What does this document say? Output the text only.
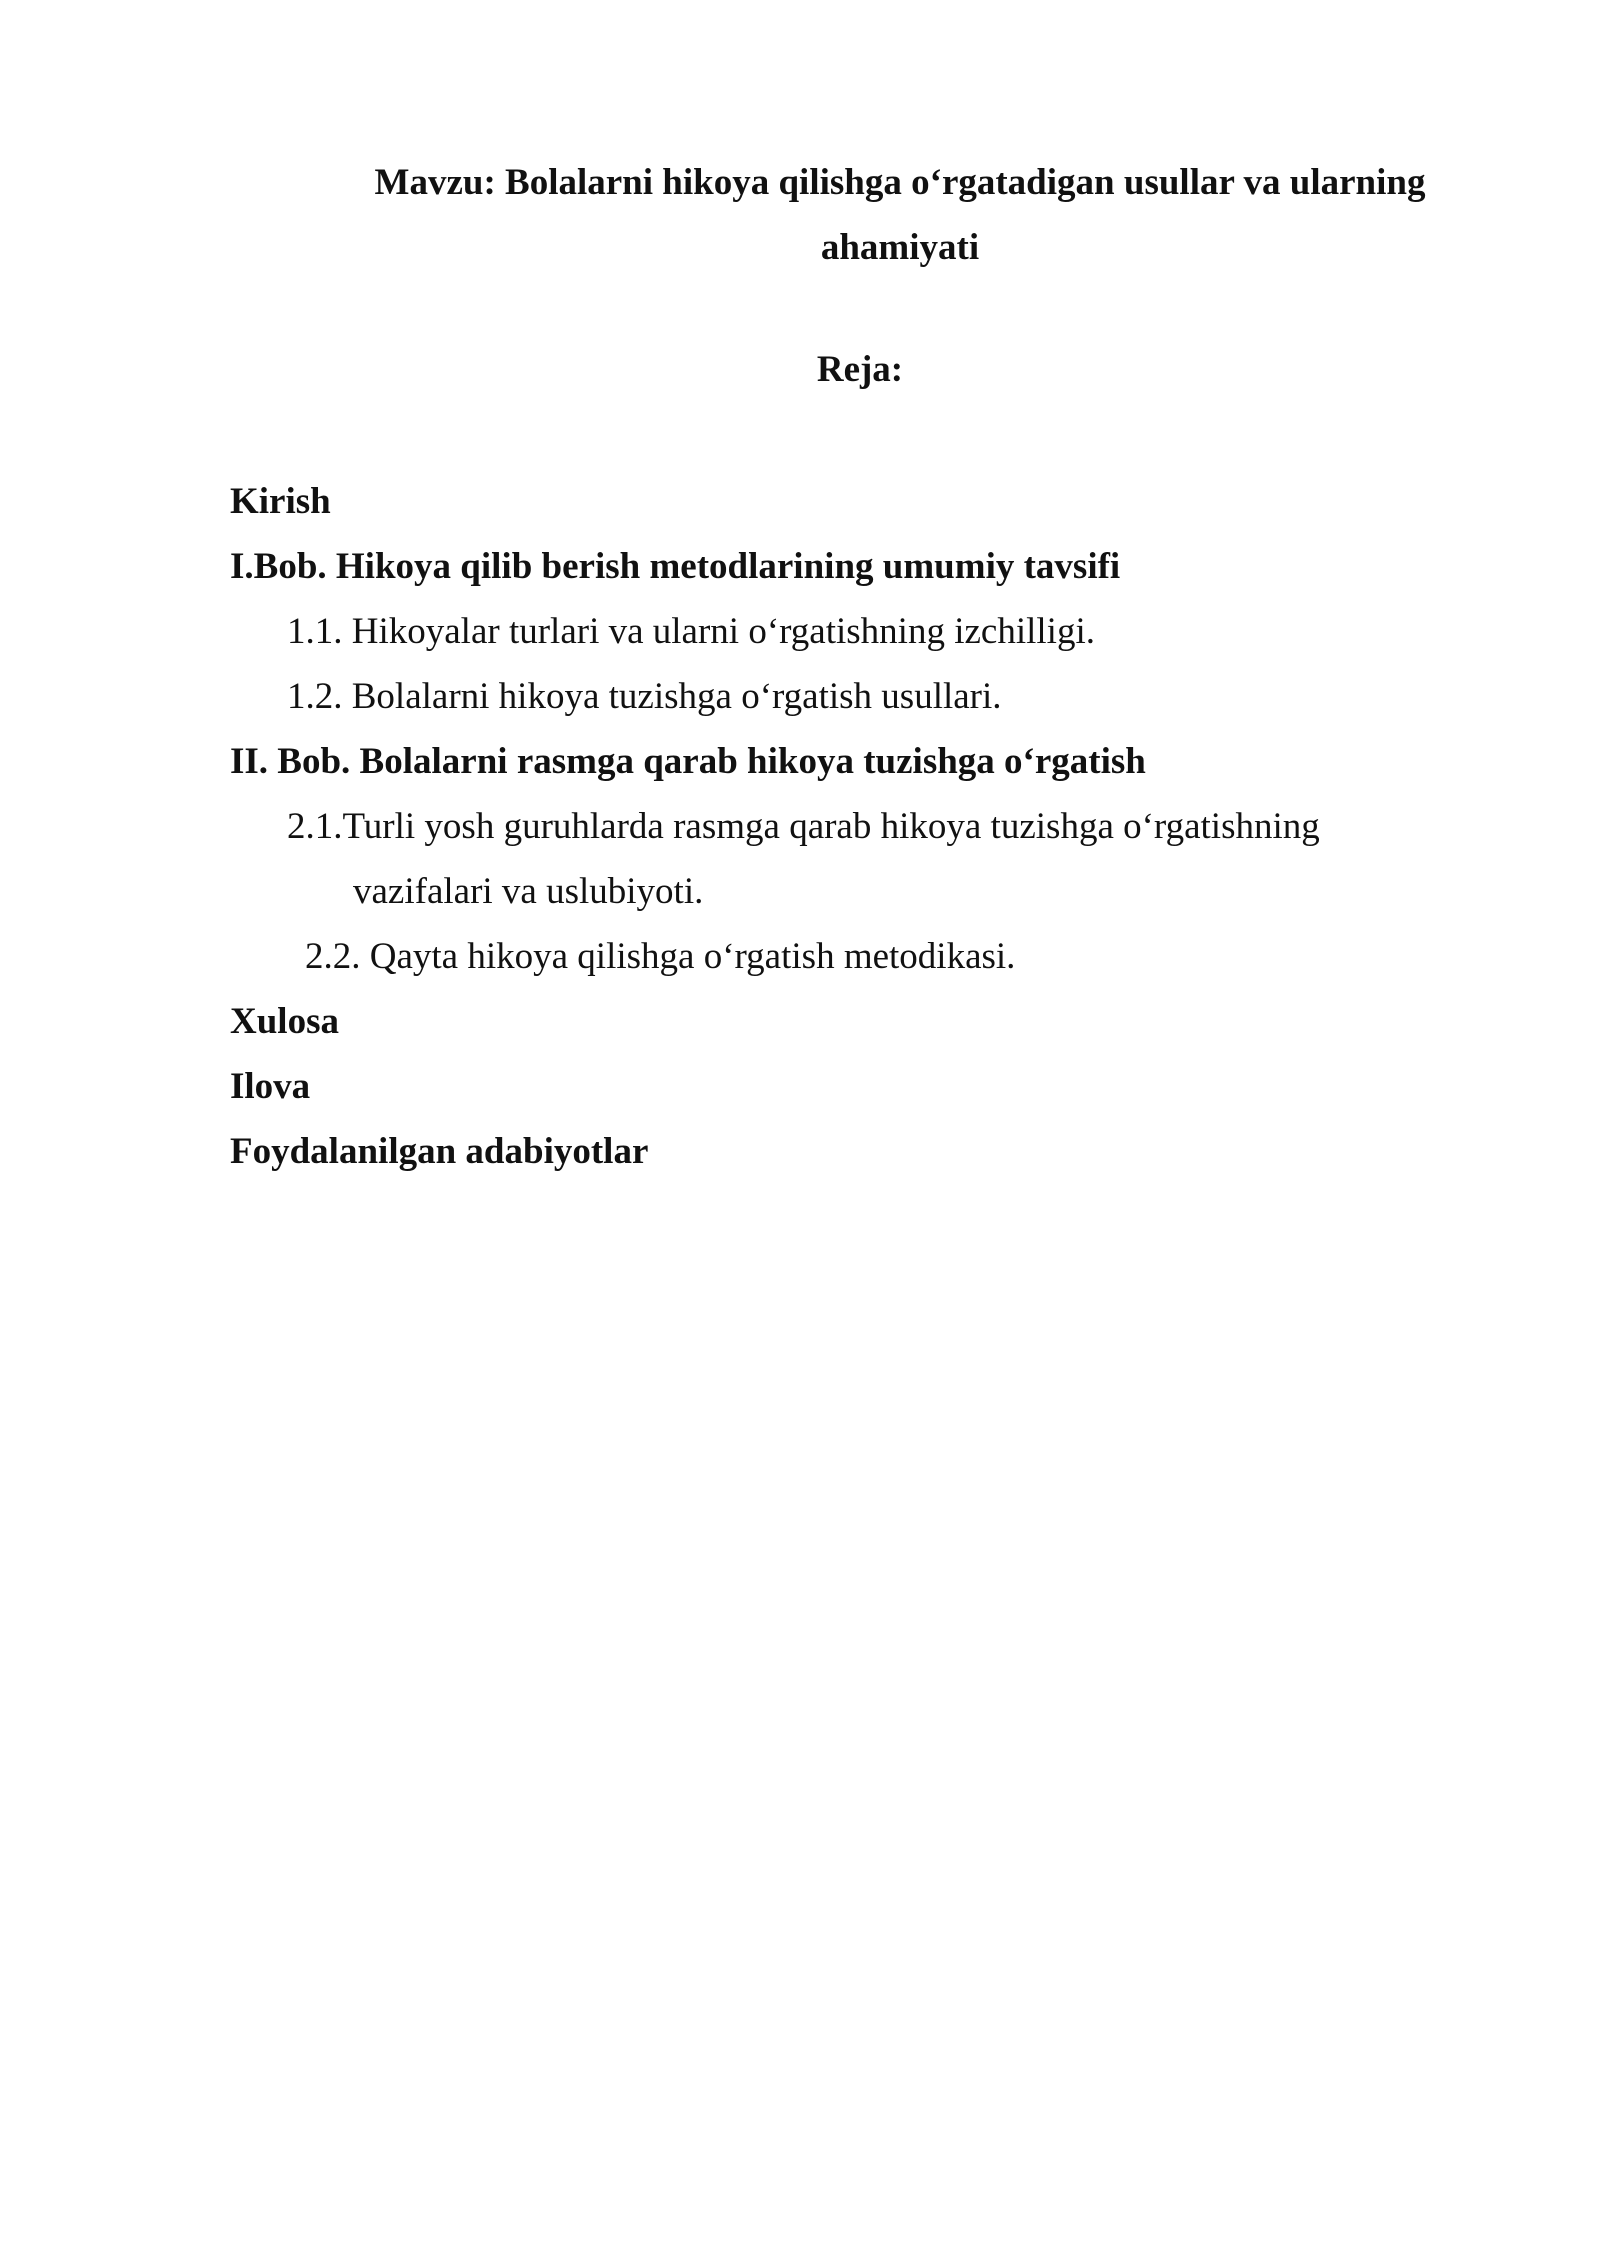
Mavzu: Bolalarni hikoya qilishga o‘rgatadigan usullar va ularning ahamiyati
Reja:
Kirish
I.Bob. Hikoya qilib berish metodlarining umumiy tavsifi
1.1. Hikoyalar turlari va ularni o‘rgatishning izchilligi.
1.2. Bolalarni hikoya tuzishga o‘rgatish usullari.
II. Bob. Bolalarni rasmga qarab hikoya tuzishga o‘rgatish
2.1.Turli yosh guruhlarda rasmga qarab hikoya tuzishga o‘rgatishning
vazifalari va uslubiyoti.
2.2. Qayta hikoya qilishga o‘rgatish metodikasi.
Xulosa
Ilova
Foydalanilgan adabiyotlar
